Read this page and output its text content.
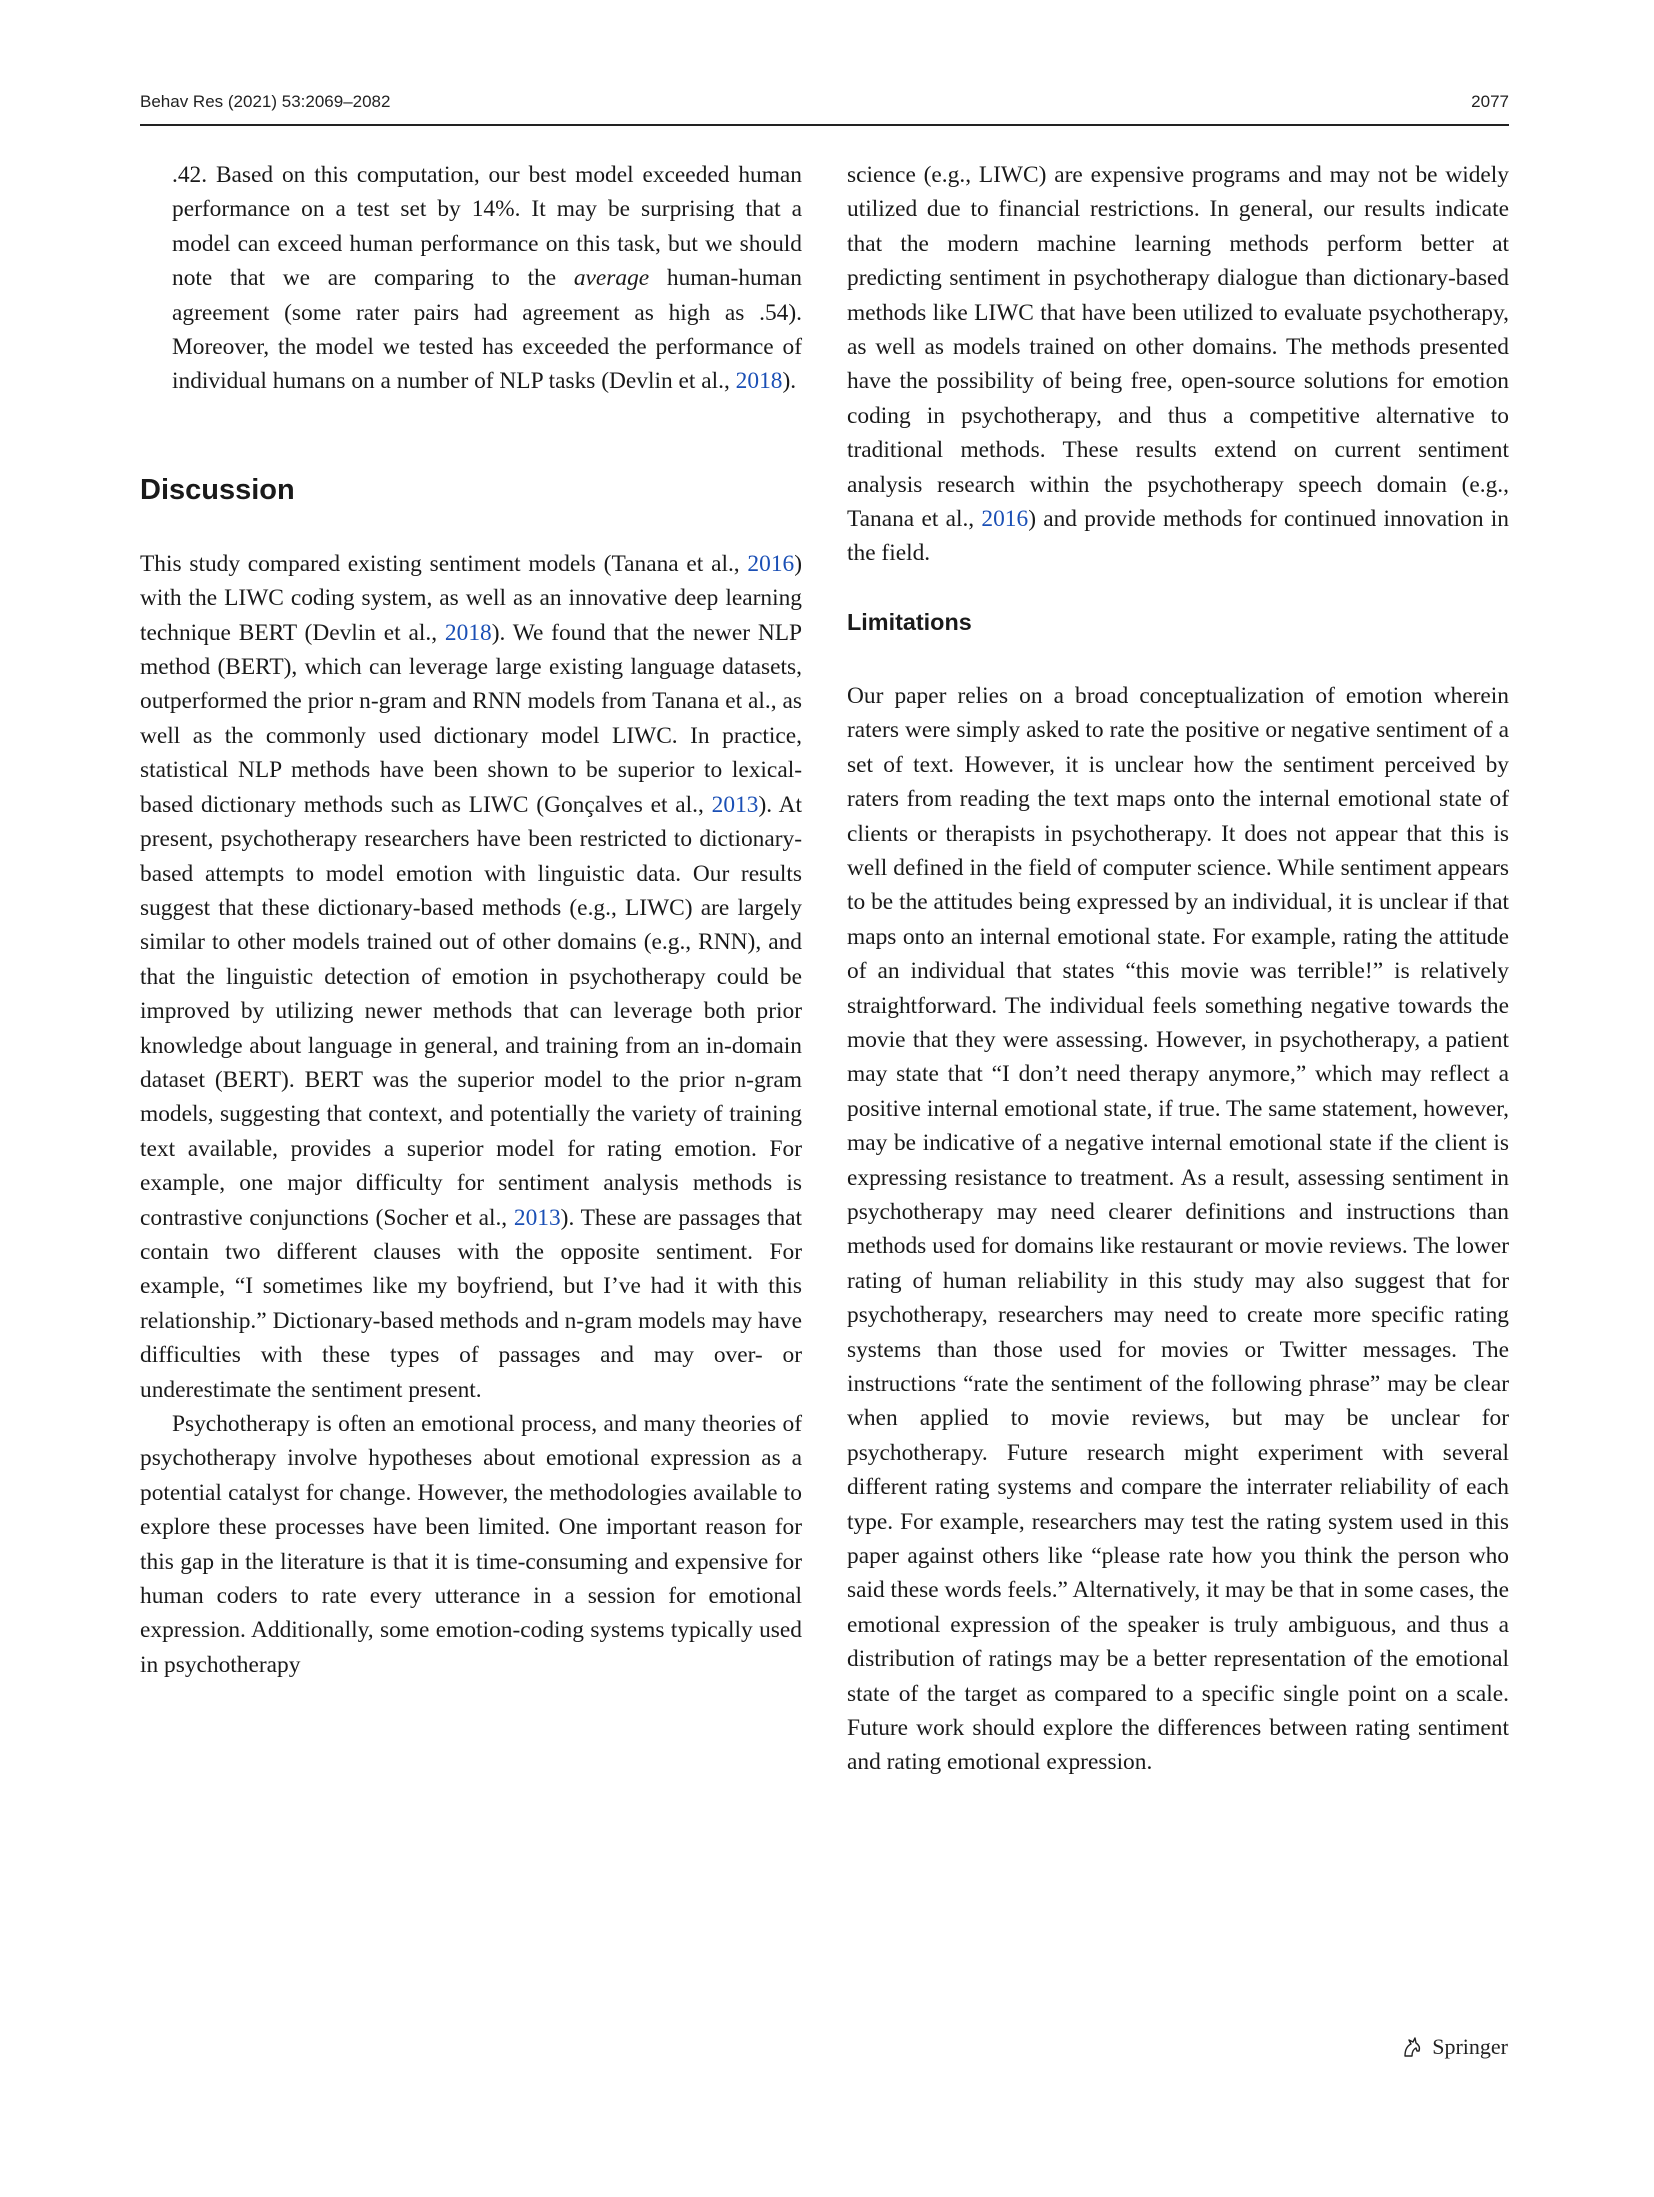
Behav Res (2021) 53:2069–2082	2077

.42. Based on this computation, our best model exceeded human performance on a test set by 14%. It may be surprising that a model can exceed human performance on this task, but we should note that we are comparing to the average human-human agreement (some rater pairs had agreement as high as .54). Moreover, the model we tested has exceeded the performance of individual humans on a number of NLP tasks (Devlin et al., 2018).

Discussion

This study compared existing sentiment models (Tanana et al., 2016) with the LIWC coding system, as well as an innovative deep learning technique BERT (Devlin et al., 2018). We found that the newer NLP method (BERT), which can leverage large existing language datasets, outperformed the prior n-gram and RNN models from Tanana et al., as well as the commonly used dictionary model LIWC. In practice, statistical NLP methods have been shown to be superior to lexical-based dictionary methods such as LIWC (Gonçalves et al., 2013). At present, psychotherapy researchers have been restricted to dictionary-based attempts to model emotion with linguistic data. Our results suggest that these dictionary-based methods (e.g., LIWC) are largely similar to other models trained out of other domains (e.g., RNN), and that the linguistic detection of emotion in psychotherapy could be improved by utilizing newer methods that can leverage both prior knowledge about language in general, and training from an in-domain dataset (BERT). BERT was the superior model to the prior n-gram models, suggesting that context, and potentially the variety of training text available, provides a superior model for rating emotion. For example, one major difficulty for sentiment analysis methods is contrastive conjunctions (Socher et al., 2013). These are passages that contain two different clauses with the opposite sentiment. For example, “I sometimes like my boyfriend, but I’ve had it with this relationship.” Dictionary-based methods and n-gram models may have difficulties with these types of passages and may over- or underestimate the sentiment present.

Psychotherapy is often an emotional process, and many theories of psychotherapy involve hypotheses about emotional expression as a potential catalyst for change. However, the methodologies available to explore these processes have been limited. One important reason for this gap in the literature is that it is time-consuming and expensive for human coders to rate every utterance in a session for emotional expression. Additionally, some emotion-coding systems typically used in psychotherapy

science (e.g., LIWC) are expensive programs and may not be widely utilized due to financial restrictions. In general, our results indicate that the modern machine learning methods perform better at predicting sentiment in psychotherapy dialogue than dictionary-based methods like LIWC that have been utilized to evaluate psychotherapy, as well as models trained on other domains. The methods presented have the possibility of being free, open-source solutions for emotion coding in psychotherapy, and thus a competitive alternative to traditional methods. These results extend on current sentiment analysis research within the psychotherapy speech domain (e.g., Tanana et al., 2016) and provide methods for continued innovation in the field.

Limitations

Our paper relies on a broad conceptualization of emotion wherein raters were simply asked to rate the positive or negative sentiment of a set of text. However, it is unclear how the sentiment perceived by raters from reading the text maps onto the internal emotional state of clients or therapists in psychotherapy. It does not appear that this is well defined in the field of computer science. While sentiment appears to be the attitudes being expressed by an individual, it is unclear if that maps onto an internal emotional state. For example, rating the attitude of an individual that states “this movie was terrible!” is relatively straightforward. The individual feels something negative towards the movie that they were assessing. However, in psychotherapy, a patient may state that “I don’t need therapy anymore,” which may reflect a positive internal emotional state, if true. The same statement, however, may be indicative of a negative internal emotional state if the client is expressing resistance to treatment. As a result, assessing sentiment in psychotherapy may need clearer definitions and instructions than methods used for domains like restaurant or movie reviews. The lower rating of human reliability in this study may also suggest that for psychotherapy, researchers may need to create more specific rating systems than those used for movies or Twitter messages. The instructions “rate the sentiment of the following phrase” may be clear when applied to movie reviews, but may be unclear for psychotherapy. Future research might experiment with several different rating systems and compare the interrater reliability of each type. For example, researchers may test the rating system used in this paper against others like “please rate how you think the person who said these words feels.” Alternatively, it may be that in some cases, the emotional expression of the speaker is truly ambiguous, and thus a distribution of ratings may be a better representation of the emotional state of the target as compared to a specific single point on a scale. Future work should explore the differences between rating sentiment and rating emotional expression.

Springer
